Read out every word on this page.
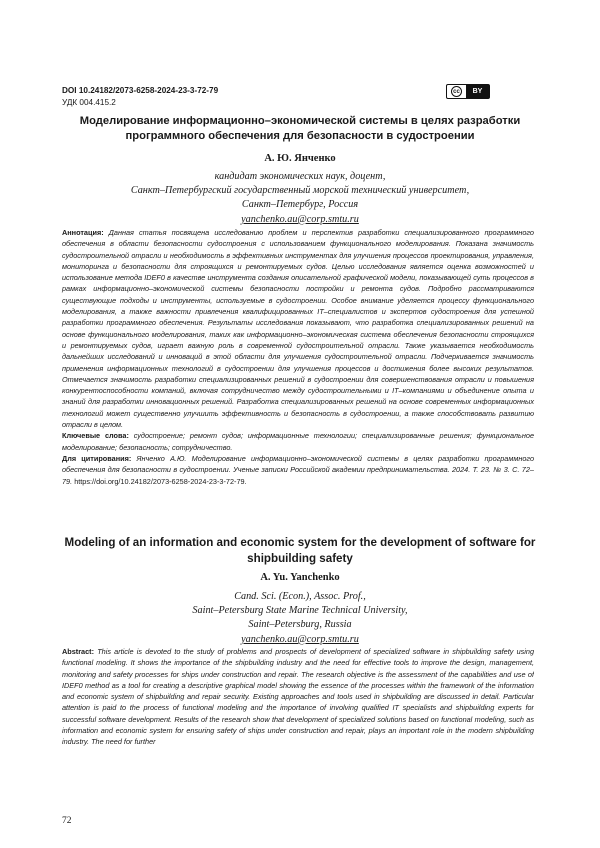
DOI 10.24182/2073-6258-2024-23-3-72-79
УДК 004.415.2
cc	BY
Моделирование информационно–экономической системы в целях разработки программного обеспечения для безопасности в судостроении
А. Ю. Янченко
кандидат экономических наук, доцент,
Санкт–Петербургский государственный морской технический университет,
Санкт–Петербург, Россия
yanchenko.au@corp.smtu.ru

Аннотация: Данная статья посвящена исследованию проблем и перспектив разработки специализированного программного обеспечения в области безопасности судостроения с использованием функционального моделирования. Показана значимость судостроительной отрасли и необходимость в эффективных инструментах для улучшения процессов проектирования, управления, мониторинга и безопасности для строящихся и ремонтируемых судов. Целью исследования является оценка возможностей и использование метода IDEF0 в качестве инструмента создания описательной графической модели, показывающей суть процессов в рамках информационно–экономической системы безопасности постройки и ремонта судов. Подробно рассматриваются существующие подходы и инструменты, используемые в судостроении. Особое внимание уделяется процессу функционального моделирования, а также важности привлечения квалифицированных IT–специалистов и экспертов судостроения для успешной разработки программного обеспечения. Результаты исследования показывают, что разработка специализированных решений на основе функционального моделирования, таких как информационно–экономическая система обеспечения безопасности строящихся и ремонтируемых судов, играет важную роль в современной судостроительной отрасли. Также указывается необходимость дальнейших исследований и инноваций в этой области для улучшения судостроительной отрасли. Подчеркивается значимость применения информационных технологий в судостроении для улучшения процессов и достижения более высоких результатов. Отмечается значимость разработки специализированных решений в судостроении для совершенствования отрасли и повышения конкурентоспособности компаний, включая сотрудничество между судостроительными и IT–компаниями и объединение опыта и знаний для разработки инновационных решений. Разработка специализированных решений на основе современных информационных технологий может существенно улучшить эффективность и безопасность в судостроении, а также способствовать развитию отрасли в целом.

Ключевые слова: судостроение; ремонт судов; информационные технологии; специализированные решения; функциональное моделирование; безопасность; сотрудничество.

Для цитирования: Янченко А.Ю. Моделирование информационно–экономической системы в целях разработки программного обеспечения для безопасности в судостроении. Ученые записки Российской академии предпринимательства. 2024. Т. 23. № 3. С. 72–79. https://doi.org/10.24182/2073-6258-2024-23-3-72-79.

Modeling of an information and economic system for the development of software for shipbuilding safety
A. Yu. Yanchenko
Cand. Sci. (Econ.), Assoc. Prof.,
Saint–Petersburg State Marine Technical University,
Saint–Petersburg, Russia
yanchenko.au@corp.smtu.ru

Abstract: This article is devoted to the study of problems and prospects of development of specialized software in shipbuilding safety using functional modeling. It shows the importance of the shipbuilding industry and the need for effective tools to improve the design, management, monitoring and safety processes for ships under construction and repair. The research objective is the assessment of the capabilities and use of IDEF0 method as a tool for creating a descriptive graphical model showing the essence of the processes within the framework of the information and economic system of shipbuilding and repair security. Existing approaches and tools used in shipbuilding are discussed in detail. Particular attention is paid to the process of functional modeling and the importance of involving qualified IT specialists and shipbuilding experts for successful software development. Results of the research show that development of specialized solutions based on functional modeling, such as information and economic system for ensuring safety of ships under construction and repair, plays an important role in the modern shipbuilding industry. The need for further

72
